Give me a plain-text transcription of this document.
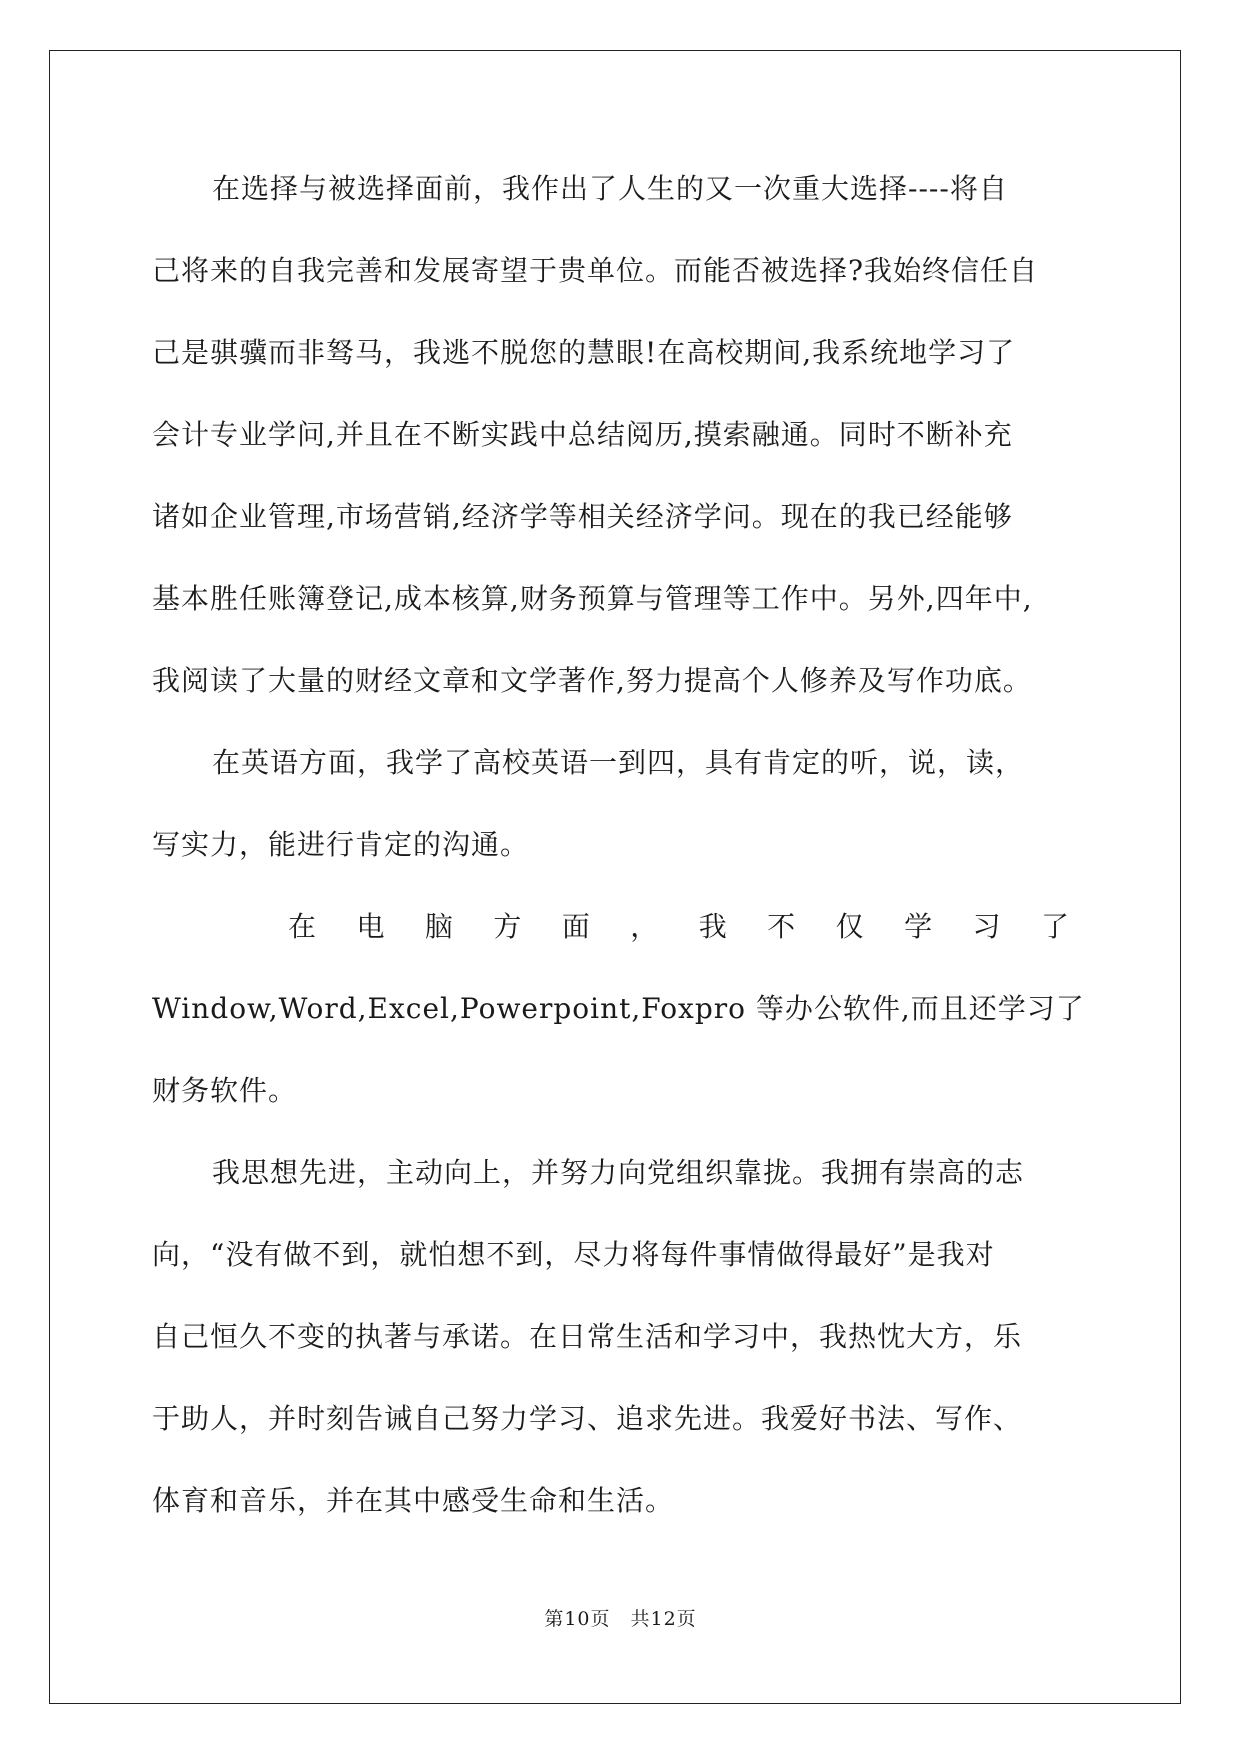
在选择与被选择面前，我作出了人生的又一次重大选择----将自
己将来的自我完善和发展寄望于贵单位。而能否被选择?我始终信任自
己是骐骥而非驽马，我逃不脱您的慧眼!在高校期间,我系统地学习了
会计专业学问,并且在不断实践中总结阅历,摸索融通。同时不断补充
诸如企业管理,市场营销,经济学等相关经济学问。现在的我已经能够
基本胜任账簿登记,成本核算,财务预算与管理等工作中。另外,四年中,
我阅读了大量的财经文章和文学著作,努力提高个人修养及写作功底。
在英语方面，我学了高校英语一到四，具有肯定的听，说，读，
写实力，能进行肯定的沟通。
在 电 脑 方 面 ， 我 不 仅 学 习 了
Window,Word,Excel,Powerpoint,Foxpro 等办公软件,而且还学习了
财务软件。
我思想先进，主动向上，并努力向党组织靠拢。我拥有崇高的志
向，“没有做不到，就怕想不到，尽力将每件事情做得最好”是我对
自己恒久不变的执著与承诺。在日常生活和学习中，我热忱大方，乐
于助人，并时刻告诫自己努力学习、追求先进。我爱好书法、写作、
体育和音乐，并在其中感受生命和生活。
第10页　共12页
